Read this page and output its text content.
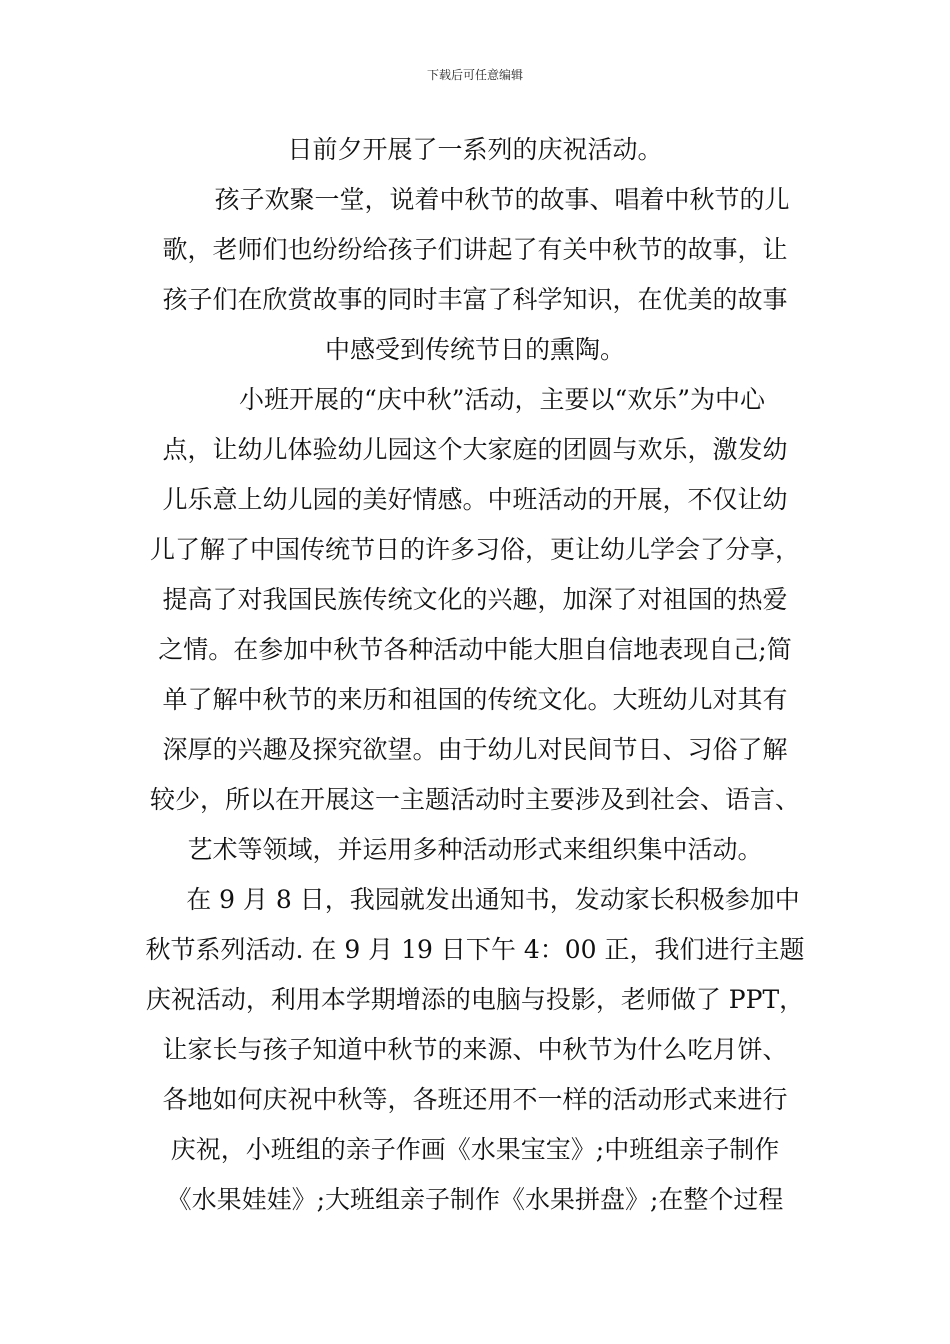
下载后可任意编辑
日前夕开展了一系列的庆祝活动。
孩子欢聚一堂，说着中秋节的故事、唱着中秋节的儿
歌，老师们也纷纷给孩子们讲起了有关中秋节的故事，让
孩子们在欣赏故事的同时丰富了科学知识，在优美的故事
中感受到传统节日的熏陶。
小班开展的“庆中秋”活动，主要以“欢乐”为中心
点，让幼儿体验幼儿园这个大家庭的团圆与欢乐，激发幼
儿乐意上幼儿园的美好情感。中班活动的开展，不仅让幼
儿了解了中国传统节日的许多习俗，更让幼儿学会了分享，
提高了对我国民族传统文化的兴趣，加深了对祖国的热爱
之情。在参加中秋节各种活动中能大胆自信地表现自己;简
单了解中秋节的来历和祖国的传统文化。大班幼儿对其有
深厚的兴趣及探究欲望。由于幼儿对民间节日、习俗了解
较少，所以在开展这一主题活动时主要涉及到社会、语言、
艺术等领域，并运用多种活动形式来组织集中活动。
在 9 月 8 日，我园就发出通知书，发动家长积极参加中
秋节系列活动. 在 9 月 19 日下午 4：00 正，我们进行主题
庆祝活动，利用本学期增添的电脑与投影，老师做了 PPT，
让家长与孩子知道中秋节的来源、中秋节为什么吃月饼、
各地如何庆祝中秋等，各班还用不一样的活动形式来进行
庆祝，小班组的亲子作画《水果宝宝》;中班组亲子制作
《水果娃娃》;大班组亲子制作《水果拼盘》;在整个过程
